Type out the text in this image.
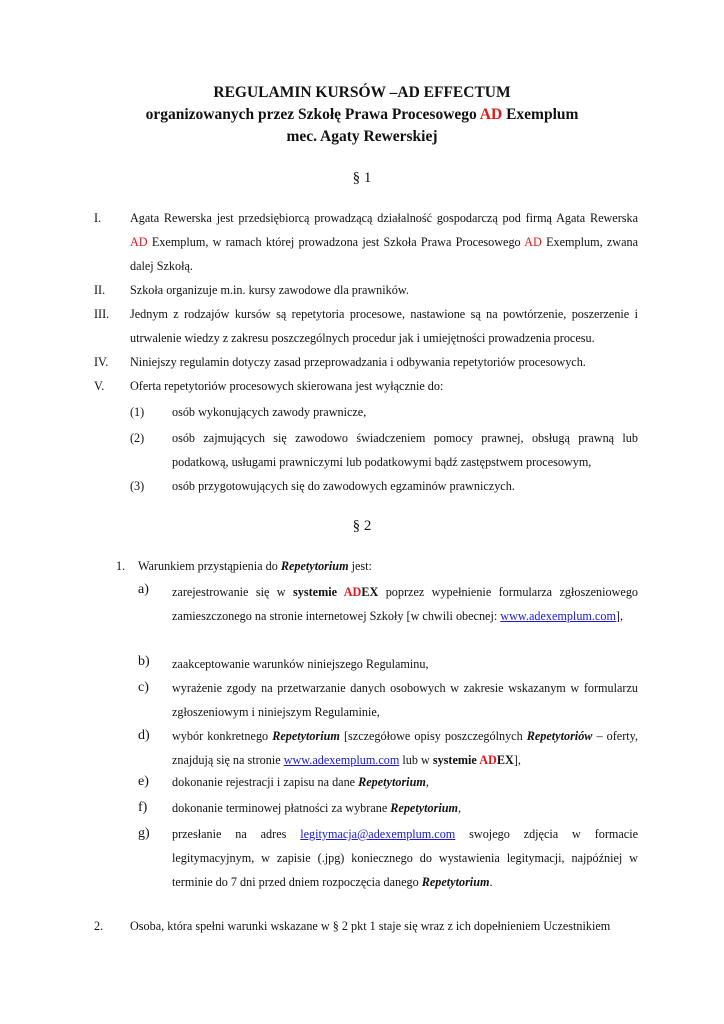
REGULAMIN KURSÓW –AD EFFECTUM
organizowanych przez Szkołę Prawa Procesowego AD Exemplum
mec. Agaty Rewerskiej
§ 1
I. Agata Rewerska jest przedsiębiorcą prowadzącą działalność gospodarczą pod firmą Agata Rewerska AD Exemplum, w ramach której prowadzona jest Szkoła Prawa Procesowego AD Exemplum, zwana dalej Szkołą.
II. Szkoła organizuje m.in. kursy zawodowe dla prawników.
III. Jednym z rodzajów kursów są repetytoria procesowe, nastawione są na powtórzenie, poszerzenie i utrwalenie wiedzy z zakresu poszczególnych procedur jak i umiejętności prowadzenia procesu.
IV. Niniejszy regulamin dotyczy zasad przeprowadzania i odbywania repetytoriów procesowych.
V. Oferta repetytoriów procesowych skierowana jest wyłącznie do:
(1) osób wykonujących zawody prawnicze,
(2) osób zajmujących się zawodowo świadczeniem pomocy prawnej, obsługą prawną lub podatkową, usługami prawniczymi lub podatkowymi bądź zastępstwem procesowym,
(3) osób przygotowujących się do zawodowych egzaminów prawniczych.
§ 2
1. Warunkiem przystąpienia do Repetytorium jest:
a) zarejestrowanie się w systemie ADEX poprzez wypełnienie formularza zgłoszeniowego zamieszczonego na stronie internetowej Szkoły [w chwili obecnej: www.adexemplum.com],
b) zaakceptowanie warunków niniejszego Regulaminu,
c) wyrażenie zgody na przetwarzanie danych osobowych w zakresie wskazanym w formularzu zgłoszeniowym i niniejszym Regulaminie,
d) wybór konkretnego Repetytorium [szczegółowe opisy poszczególnych Repetytoriów – oferty, znajdują się na stronie www.adexemplum.com lub w systemie ADEX],
e) dokonanie rejestracji i zapisu na dane Repetytorium,
f) dokonanie terminowej płatności za wybrane Repetytorium,
g) przesłanie na adres legitymacja@adexemplum.com swojego zdjęcia w formacie legitymacyjnym, w zapisie (.jpg) koniecznego do wystawienia legitymacji, najpóźniej w terminie do 7 dni przed dniem rozpoczęcia danego Repetytorium.
2. Osoba, która spełni warunki wskazane w § 2 pkt 1 staje się wraz z ich dopełnieniem Uczestnikiem
